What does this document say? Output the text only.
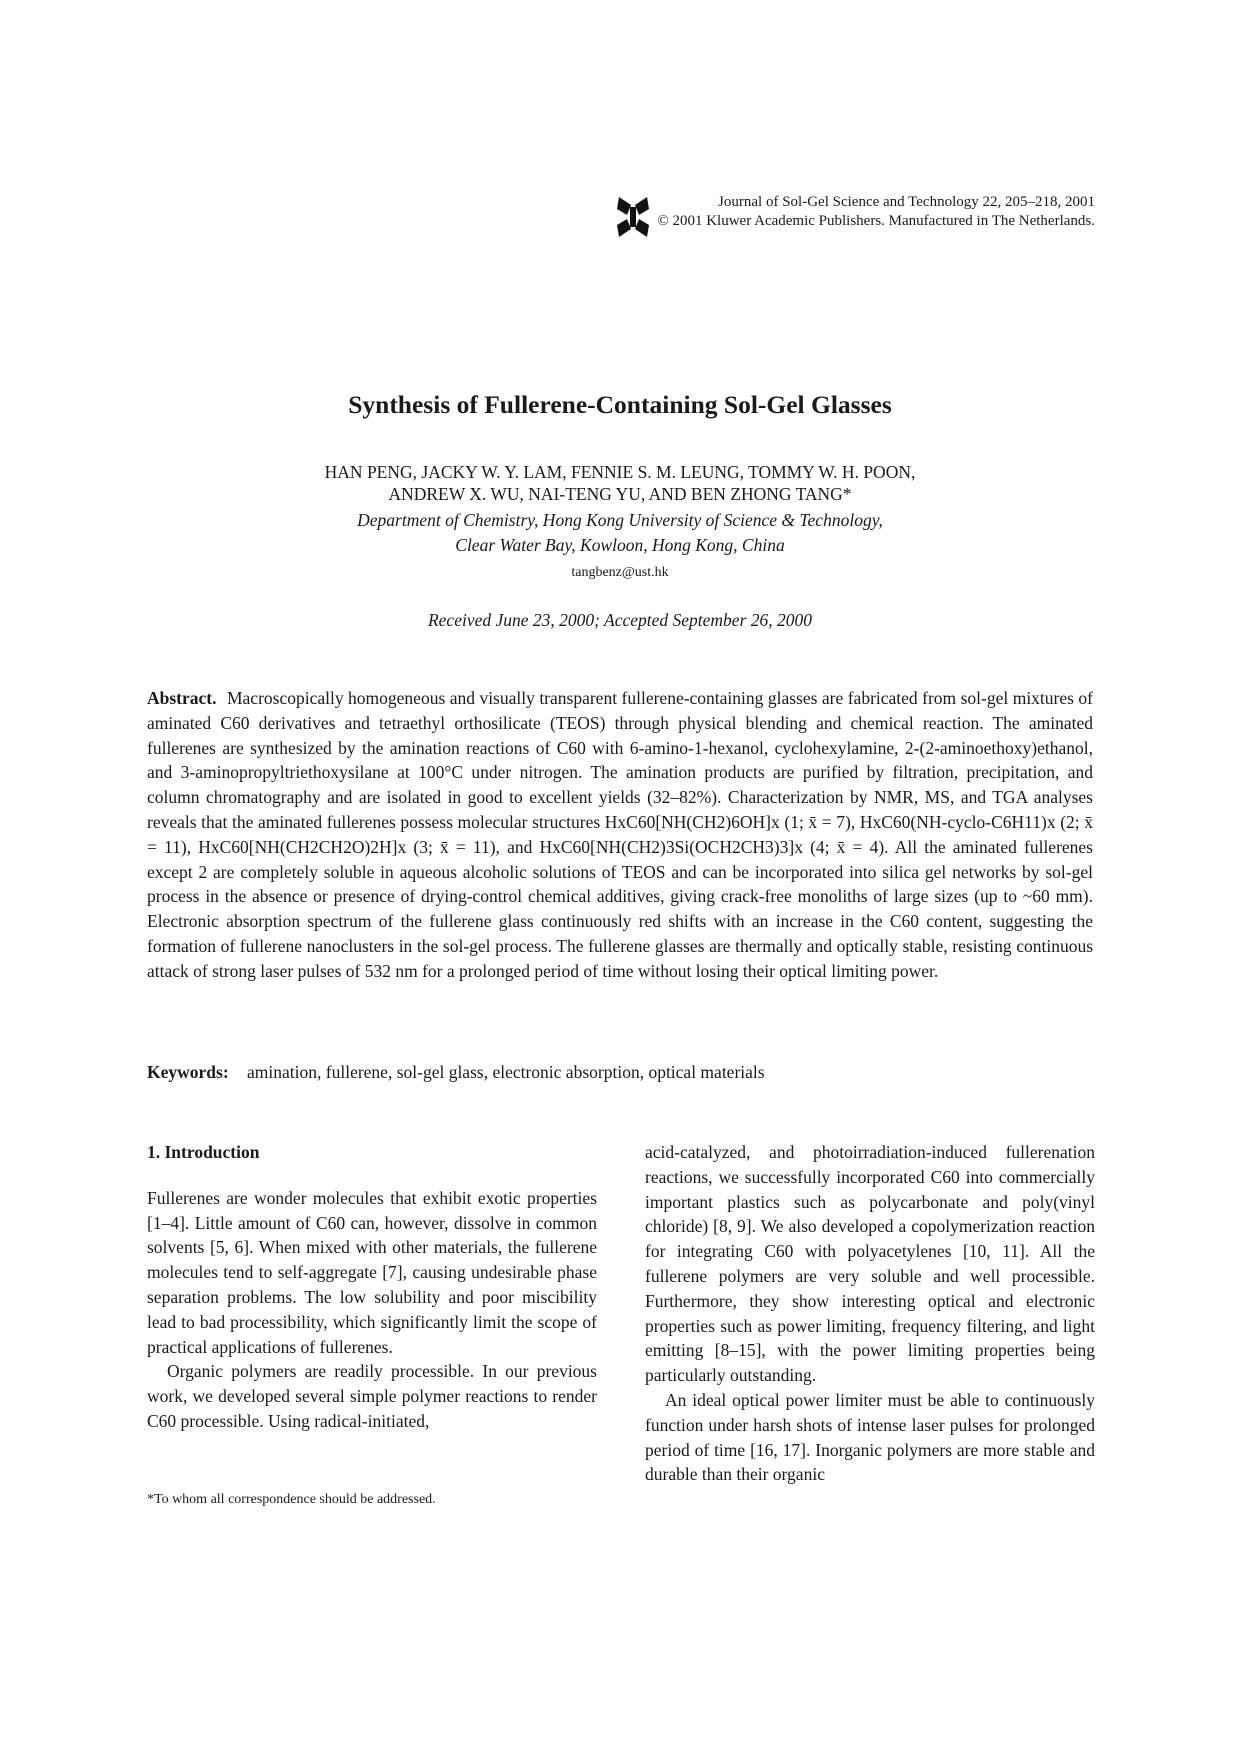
Journal of Sol-Gel Science and Technology 22, 205–218, 2001
© 2001 Kluwer Academic Publishers. Manufactured in The Netherlands.
Synthesis of Fullerene-Containing Sol-Gel Glasses
HAN PENG, JACKY W. Y. LAM, FENNIE S. M. LEUNG, TOMMY W. H. POON,
ANDREW X. WU, NAI-TENG YU, AND BEN ZHONG TANG*
Department of Chemistry, Hong Kong University of Science & Technology,
Clear Water Bay, Kowloon, Hong Kong, China
tangbenz@ust.hk
Received June 23, 2000; Accepted September 26, 2000

Abstract. Macroscopically homogeneous and visually transparent fullerene-containing glasses are fabricated from sol-gel mixtures of aminated C60 derivatives and tetraethyl orthosilicate (TEOS) through physical blending and chemical reaction. The aminated fullerenes are synthesized by the amination reactions of C60 with 6-amino-1-hexanol, cyclohexylamine, 2-(2-aminoethoxy)ethanol, and 3-aminopropyltriethoxysilane at 100°C under nitrogen. The amination products are purified by filtration, precipitation, and column chromatography and are isolated in good to excellent yields (32–82%). Characterization by NMR, MS, and TGA analyses reveals that the aminated fullerenes possess molecular structures HxC60[NH(CH2)6OH]x (1; x̄ = 7), HxC60(NH-cyclo-C6H11)x (2; x̄ = 11), HxC60[NH(CH2CH2O)2H]x (3; x̄ = 11), and HxC60[NH(CH2)3Si(OCH2CH3)3]x (4; x̄ = 4). All the aminated fullerenes except 2 are completely soluble in aqueous alcoholic solutions of TEOS and can be incorporated into silica gel networks by sol-gel process in the absence or presence of drying-control chemical additives, giving crack-free monoliths of large sizes (up to ~60 mm). Electronic absorption spectrum of the fullerene glass continuously red shifts with an increase in the C60 content, suggesting the formation of fullerene nanoclusters in the sol-gel process. The fullerene glasses are thermally and optically stable, resisting continuous attack of strong laser pulses of 532 nm for a prolonged period of time without losing their optical limiting power.

Keywords: amination, fullerene, sol-gel glass, electronic absorption, optical materials

1. Introduction

Fullerenes are wonder molecules that exhibit exotic properties [1–4]. Little amount of C60 can, however, dissolve in common solvents [5, 6]. When mixed with other materials, the fullerene molecules tend to self-aggregate [7], causing undesirable phase separation problems. The low solubility and poor miscibility lead to bad processibility, which significantly limit the scope of practical applications of fullerenes.

Organic polymers are readily processible. In our previous work, we developed several simple polymer reactions to render C60 processible. Using radical-initiated,

acid-catalyzed, and photoirradiation-induced fullerenation reactions, we successfully incorporated C60 into commercially important plastics such as polycarbonate and poly(vinyl chloride) [8, 9]. We also developed a copolymerization reaction for integrating C60 with polyacetylenes [10, 11]. All the fullerene polymers are very soluble and well processible. Furthermore, they show interesting optical and electronic properties such as power limiting, frequency filtering, and light emitting [8–15], with the power limiting properties being particularly outstanding.

An ideal optical power limiter must be able to continuously function under harsh shots of intense laser pulses for prolonged period of time [16, 17]. Inorganic polymers are more stable and durable than their organic

*To whom all correspondence should be addressed.
